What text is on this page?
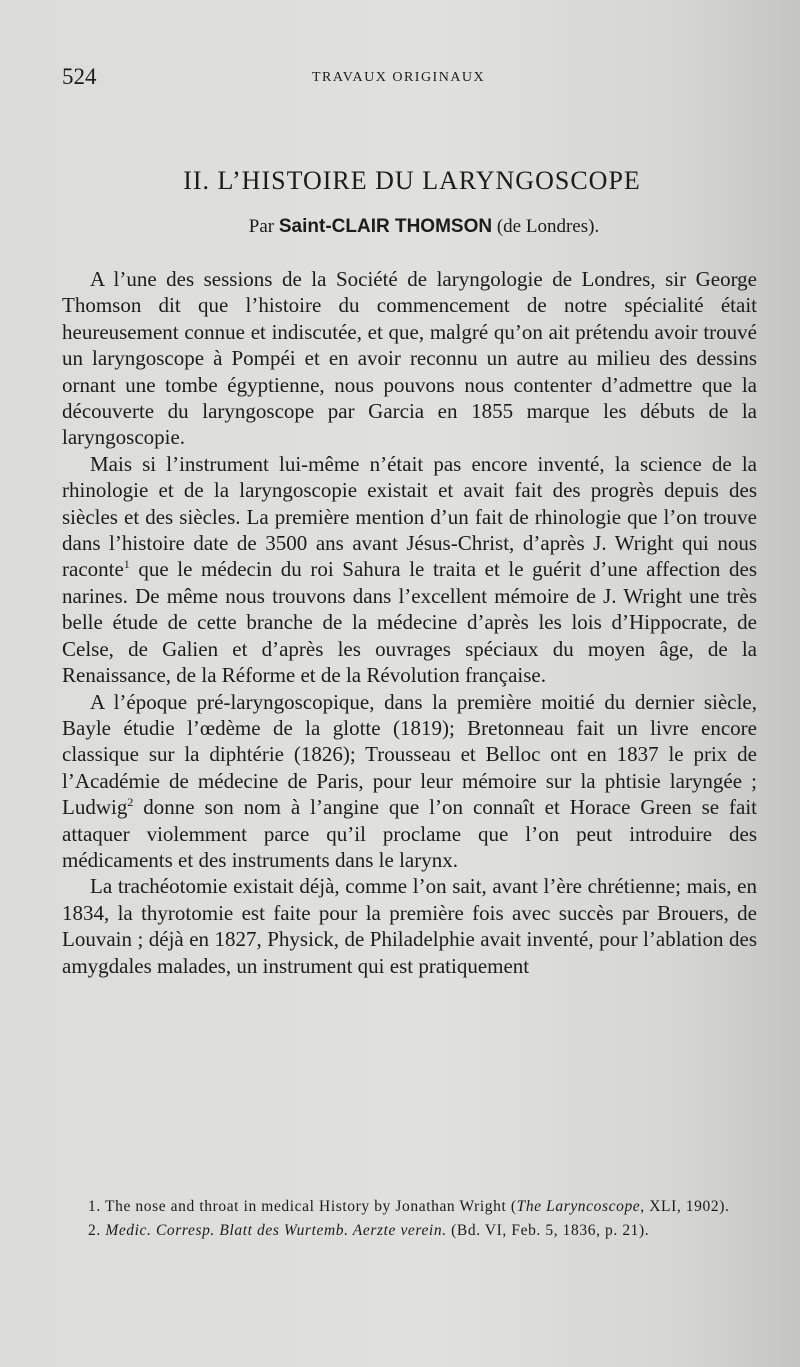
524	TRAVAUX ORIGINAUX
II. L’HISTOIRE DU LARYNGOSCOPE
Par Saint-CLAIR THOMSON (de Londres).

A l’une des sessions de la Société de laryngologie de Londres, sir George Thomson dit que l’histoire du commencement de notre spécialité était heureusement connue et indiscutée, et que, malgré qu’on ait prétendu avoir trouvé un laryngoscope à Pompéi et en avoir reconnu un autre au milieu des dessins ornant une tombe égyptienne, nous pouvons nous contenter d’admettre que la découverte du laryngoscope par Garcia en 1855 marque les débuts de la laryngoscopie.

Mais si l’instrument lui-même n’était pas encore inventé, la science de la rhinologie et de la laryngoscopie existait et avait fait des progrès depuis des siècles et des siècles. La première mention d’un fait de rhinologie que l’on trouve dans l’histoire date de 3500 ans avant Jésus-Christ, d’après J. Wright qui nous raconte$^1$ que le médecin du roi Sahura le traita et le guérit d’une affection des narines. De même nous trouvons dans l’excellent mémoire de J. Wright une très belle étude de cette branche de la médecine d’après les lois d’Hippocrate, de Celse, de Galien et d’après les ouvrages spéciaux du moyen âge, de la Renaissance, de la Réforme et de la Révolution française.

A l’époque pré-laryngoscopique, dans la première moitié du dernier siècle, Bayle étudie l’œdème de la glotte (1819); Bretonneau fait un livre encore classique sur la diphtérie (1826); Trousseau et Belloc ont en 1837 le prix de l’Académie de médecine de Paris, pour leur mémoire sur la phtisie laryngée ; Ludwig$^2$ donne son nom à l’angine que l’on connaît et Horace Green se fait attaquer violemment parce qu’il proclame que l’on peut introduire des médicaments et des instruments dans le larynx.

La trachéotomie existait déjà, comme l’on sait, avant l’ère chrétienne; mais, en 1834, la thyrotomie est faite pour la première fois avec succès par Brouers, de Louvain ; déjà en 1827, Physick, de Philadelphie avait inventé, pour l’ablation des amygdales malades, un instrument qui est pratiquement

1. The nose and throat in medical History by Jonathan Wright (The Laryncoscope, XLI, 1902).

2. Medic. Corresp. Blatt des Wurtemb. Aerzte verein. (Bd. VI, Feb. 5, 1836, p. 21).
